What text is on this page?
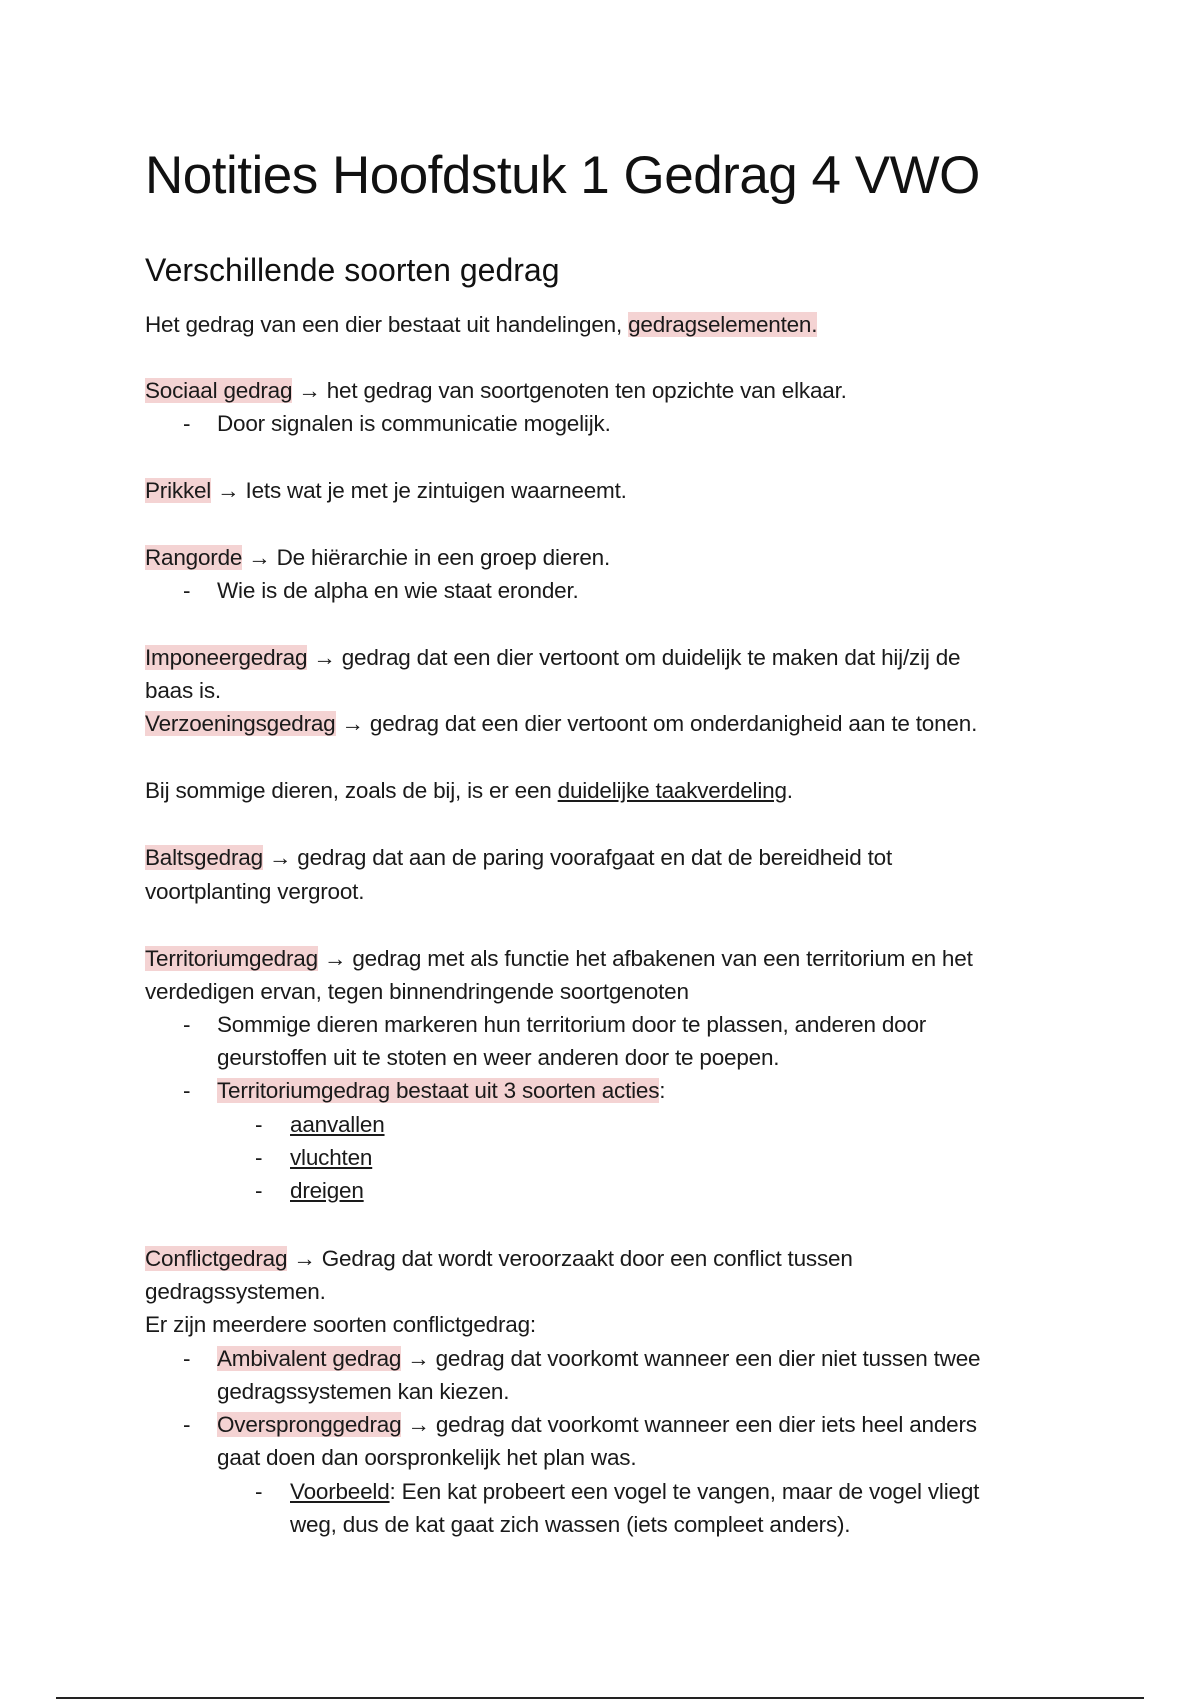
Notities Hoofdstuk 1 Gedrag 4 VWO
Verschillende soorten gedrag
Het gedrag van een dier bestaat uit handelingen, gedragselementen.
Sociaal gedrag → het gedrag van soortgenoten ten opzichte van elkaar.
- Door signalen is communicatie mogelijk.
Prikkel → Iets wat je met je zintuigen waarneemt.
Rangorde → De hiërarchie in een groep dieren.
- Wie is de alpha en wie staat eronder.
Imponeergedrag → gedrag dat een dier vertoont om duidelijk te maken dat hij/zij de
baas is.
Verzoeningsgedrag → gedrag dat een dier vertoont om onderdanigheid aan te tonen.
Bij sommige dieren, zoals de bij, is er een duidelijke taakverdeling.
Baltsgedrag → gedrag dat aan de paring voorafgaat en dat de bereidheid tot
voortplanting vergroot.
Territoriumgedrag → gedrag met als functie het afbakenen van een territorium en het
verdedigen ervan, tegen binnendringende soortgenoten
- Sommige dieren markeren hun territorium door te plassen, anderen door
geurstoffen uit te stoten en weer anderen door te poepen.
- Territoriumgedrag bestaat uit 3 soorten acties:
- aanvallen
- vluchten
- dreigen
Conflictgedrag → Gedrag dat wordt veroorzaakt door een conflict tussen
gedragssystemen.
Er zijn meerdere soorten conflictgedrag:
- Ambivalent gedrag → gedrag dat voorkomt wanneer een dier niet tussen twee
gedragssystemen kan kiezen.
- Overspronggedrag → gedrag dat voorkomt wanneer een dier iets heel anders
gaat doen dan oorspronkelijk het plan was.
- Voorbeeld: Een kat probeert een vogel te vangen, maar de vogel vliegt
weg, dus de kat gaat zich wassen (iets compleet anders).
